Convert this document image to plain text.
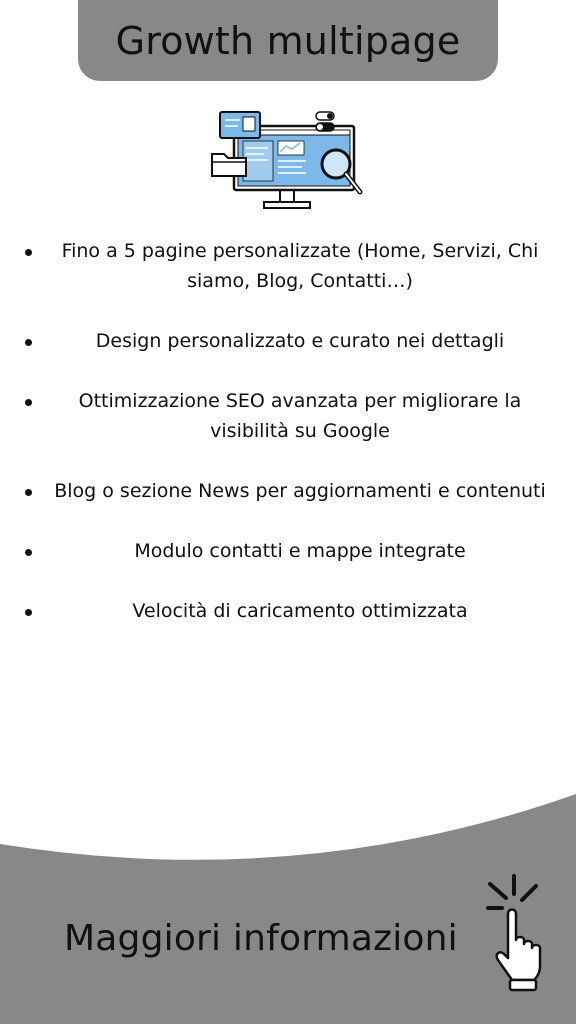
Growth multipage
Fino a 5 pagine personalizzate (Home, Servizi, Chi siamo, Blog, Contatti…)
Design personalizzato e curato nei dettagli
Ottimizzazione SEO avanzata per migliorare la visibilità su Google
Blog o sezione News per aggiornamenti e contenuti
Modulo contatti e mappe integrate
Velocità di caricamento ottimizzata
Maggiori informazioni
